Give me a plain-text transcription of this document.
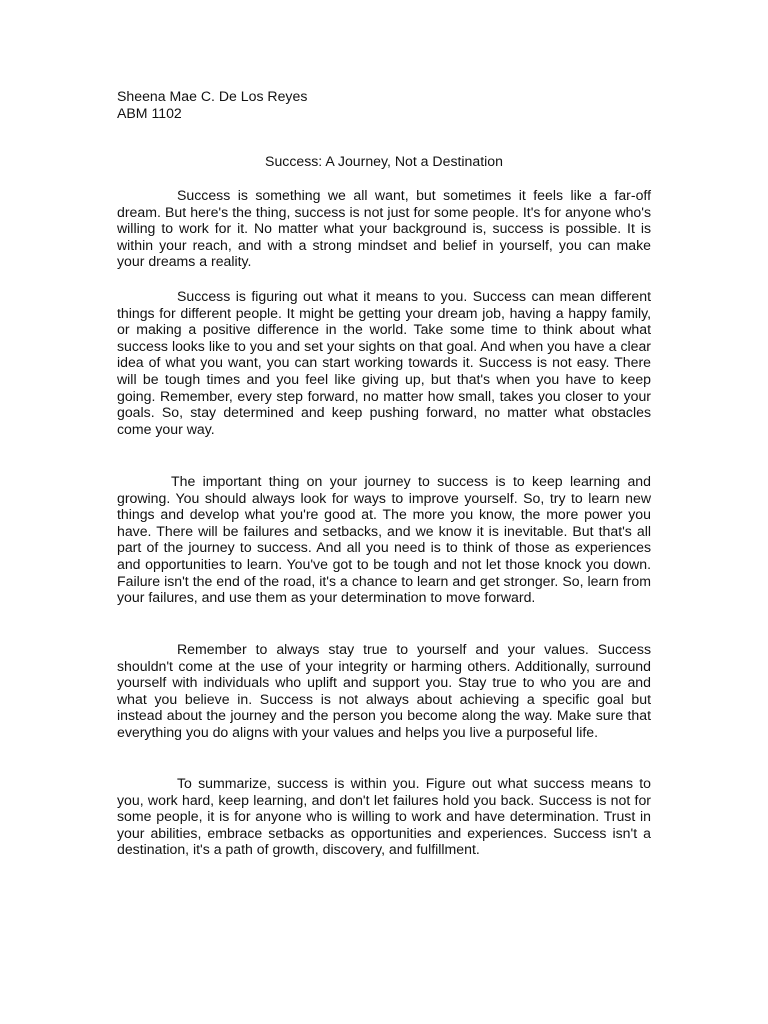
Sheena Mae C. De Los Reyes
ABM 1102
Success: A Journey, Not a Destination

Success is something we all want, but sometimes it feels like a far-off dream. But here's the thing, success is not just for some people. It's for anyone who's willing to work for it. No matter what your background is, success is possible. It is within your reach, and with a strong mindset and belief in yourself, you can make your dreams a reality.

Success is figuring out what it means to you. Success can mean different things for different people. It might be getting your dream job, having a happy family, or making a positive difference in the world. Take some time to think about what success looks like to you and set your sights on that goal. And when you have a clear idea of what you want, you can start working towards it. Success is not easy. There will be tough times and you feel like giving up, but that's when you have to keep going. Remember, every step forward, no matter how small, takes you closer to your goals. So, stay determined and keep pushing forward, no matter what obstacles come your way.

The important thing on your journey to success is to keep learning and growing. You should always look for ways to improve yourself. So, try to learn new things and develop what you're good at. The more you know, the more power you have. There will be failures and setbacks, and we know it is inevitable. But that's all part of the journey to success. And all you need is to think of those as experiences and opportunities to learn. You've got to be tough and not let those knock you down. Failure isn't the end of the road, it's a chance to learn and get stronger. So, learn from your failures, and use them as your determination to move forward.

Remember to always stay true to yourself and your values. Success shouldn't come at the use of your integrity or harming others. Additionally, surround yourself with individuals who uplift and support you. Stay true to who you are and what you believe in. Success is not always about achieving a specific goal but instead about the journey and the person you become along the way. Make sure that everything you do aligns with your values and helps you live a purposeful life.

To summarize, success is within you. Figure out what success means to you, work hard, keep learning, and don't let failures hold you back. Success is not for some people, it is for anyone who is willing to work and have determination. Trust in your abilities, embrace setbacks as opportunities and experiences. Success isn't a destination, it's a path of growth, discovery, and fulfillment.
